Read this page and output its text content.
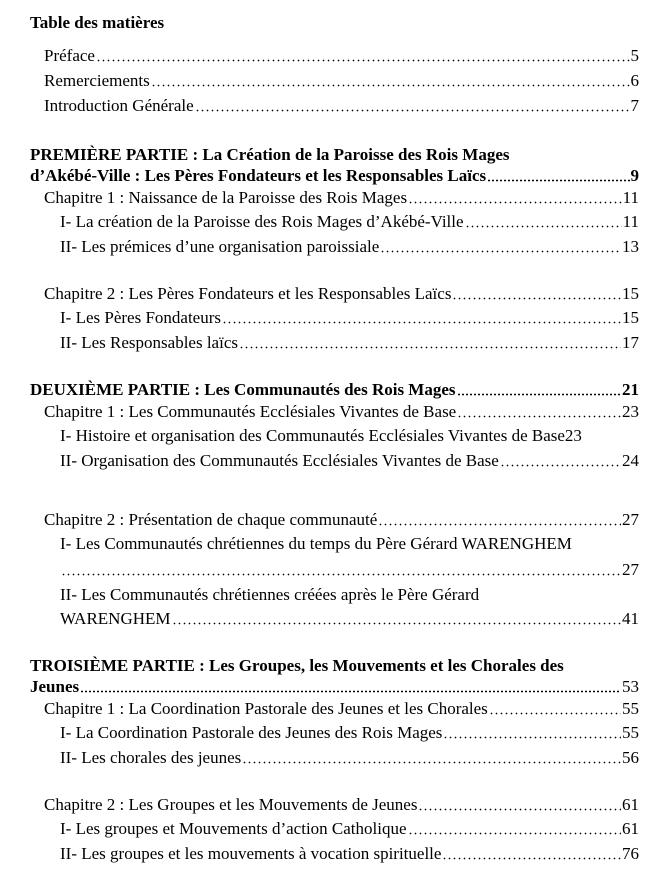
Table des matières
Préface	5
Remerciements	6
Introduction Générale	7
PREMIÈRE PARTIE : La Création de la Paroisse des Rois Mages
d’Akébé-Ville : Les Pères Fondateurs et les Responsables Laïcs	9
Chapitre 1 : Naissance de la Paroisse des Rois Mages	11
I- La création de la Paroisse des Rois Mages d’Akébé-Ville	11
II- Les prémices d’une organisation paroissiale	13
Chapitre 2 : Les Pères Fondateurs et les Responsables Laïcs	15
I- Les Pères Fondateurs	15
II- Les Responsables laïcs	17
DEUXIÈME PARTIE : Les Communautés des Rois Mages	21
Chapitre 1 : Les Communautés Ecclésiales Vivantes de Base	23
I- Histoire et organisation des Communautés Ecclésiales Vivantes de Base 23
II- Organisation des Communautés Ecclésiales Vivantes de Base	24
Chapitre 2 : Présentation de chaque communauté	27
I- Les Communautés chrétiennes du temps du Père Gérard WARENGHEM
27
II- Les Communautés chrétiennes créées après le Père Gérard
WARENGHEM	41
TROISIÈME PARTIE : Les Groupes, les Mouvements et les Chorales des
Jeunes	53
Chapitre 1 : La Coordination Pastorale des Jeunes et les Chorales	55
I- La Coordination Pastorale des Jeunes des Rois Mages	55
II- Les chorales des jeunes	56
Chapitre 2 : Les Groupes et les Mouvements de Jeunes	61
I- Les groupes et Mouvements d’action Catholique	61
II- Les groupes et les mouvements à vocation spirituelle	76
